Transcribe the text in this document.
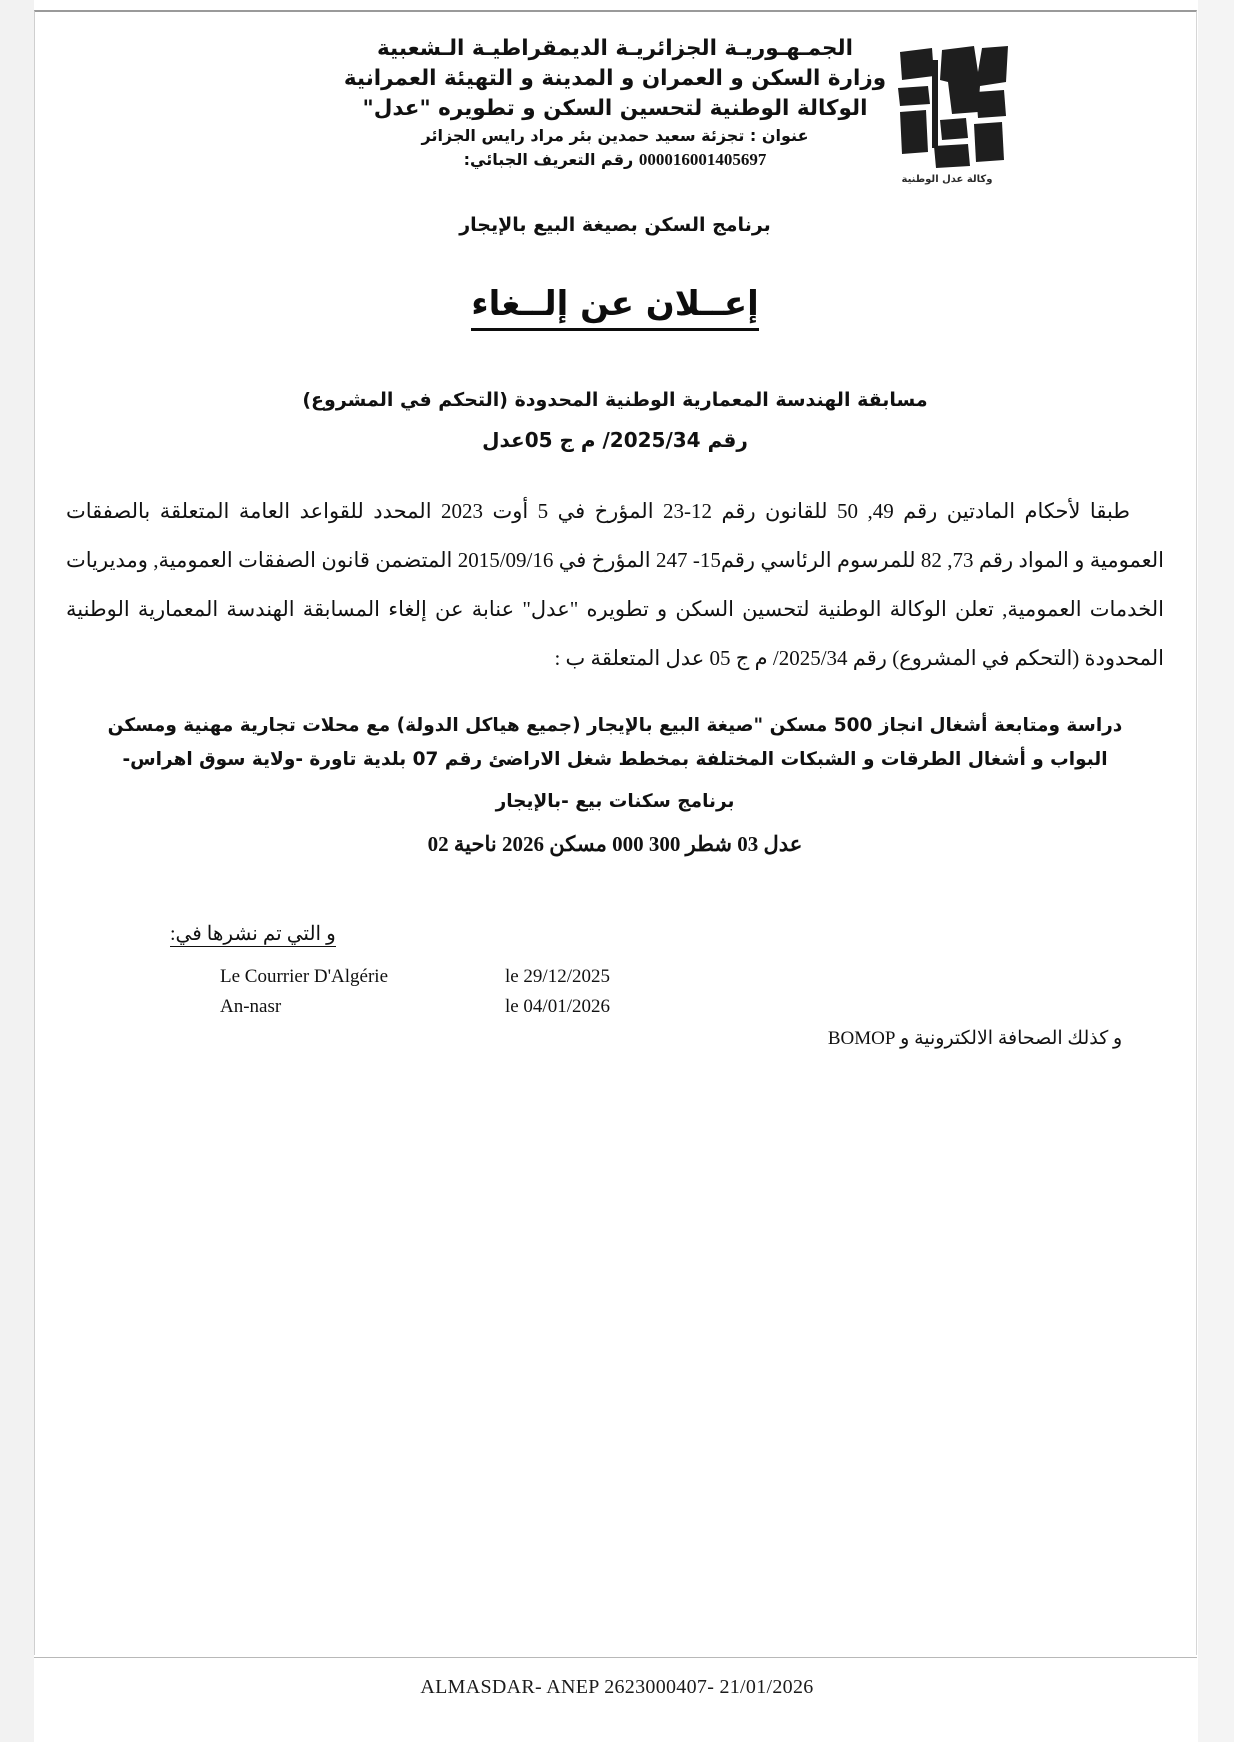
وكالة عدل الوطنية
الجمـهـوريـة الجزائريـة الديمقراطيـة الـشعبية
وزارة السكن و العمران و المدينة و التهيئة العمرانية
الوكالة الوطنية لتحسين السكن و تطويره "عدل"
عنوان : تجزئة سعيد حمدين بئر مراد رايس الجزائر
000016001405697 رقم التعريف الجبائي:
برنامج السكن بصيغة البيع بالإيجار
إعــلان عن إلــغاء
مسابقة الهندسة المعمارية الوطنية المحدودة (التحكم في المشروع)
رقم 2025/34/ م ج 05عدل
طبقا لأحكام المادتين رقم 49, 50 للقانون رقم 12-23 المؤرخ في 5 أوت 2023 المحدد للقواعد العامة المتعلقة بالصفقات العمومية و المواد رقم 73, 82 للمرسوم الرئاسي رقم15- 247 المؤرخ في 2015/09/16 المتضمن قانون الصفقات العمومية, ومديريات الخدمات العمومية, تعلن الوكالة الوطنية لتحسين السكن و تطويره "عدل" عنابة عن إلغاء المسابقة الهندسة المعمارية الوطنية المحدودة (التحكم في المشروع) رقم 2025/34/ م ج 05 عدل المتعلقة ب :
دراسة ومتابعة أشغال انجاز 500 مسكن "صيغة البيع بالإيجار (جميع هياكل الدولة) مع محلات تجارية مهنية ومسكن البواب و أشغال الطرقات و الشبكات المختلفة بمخطط شغل الاراضئ رقم 07 بلدية تاورة -ولاية سوق اهراس-
برنامج سكنات بيع -بالإيجار
عدل 03 شطر 300 000 مسكن 2026 ناحية 02
و التي تم نشرها في:
Le Courrier D'Algérie	le 29/12/2025
An-nasr	le 04/01/2026
و كذلك الصحافة الالكترونية و BOMOP
ALMASDAR- ANEP 2623000407- 21/01/2026
